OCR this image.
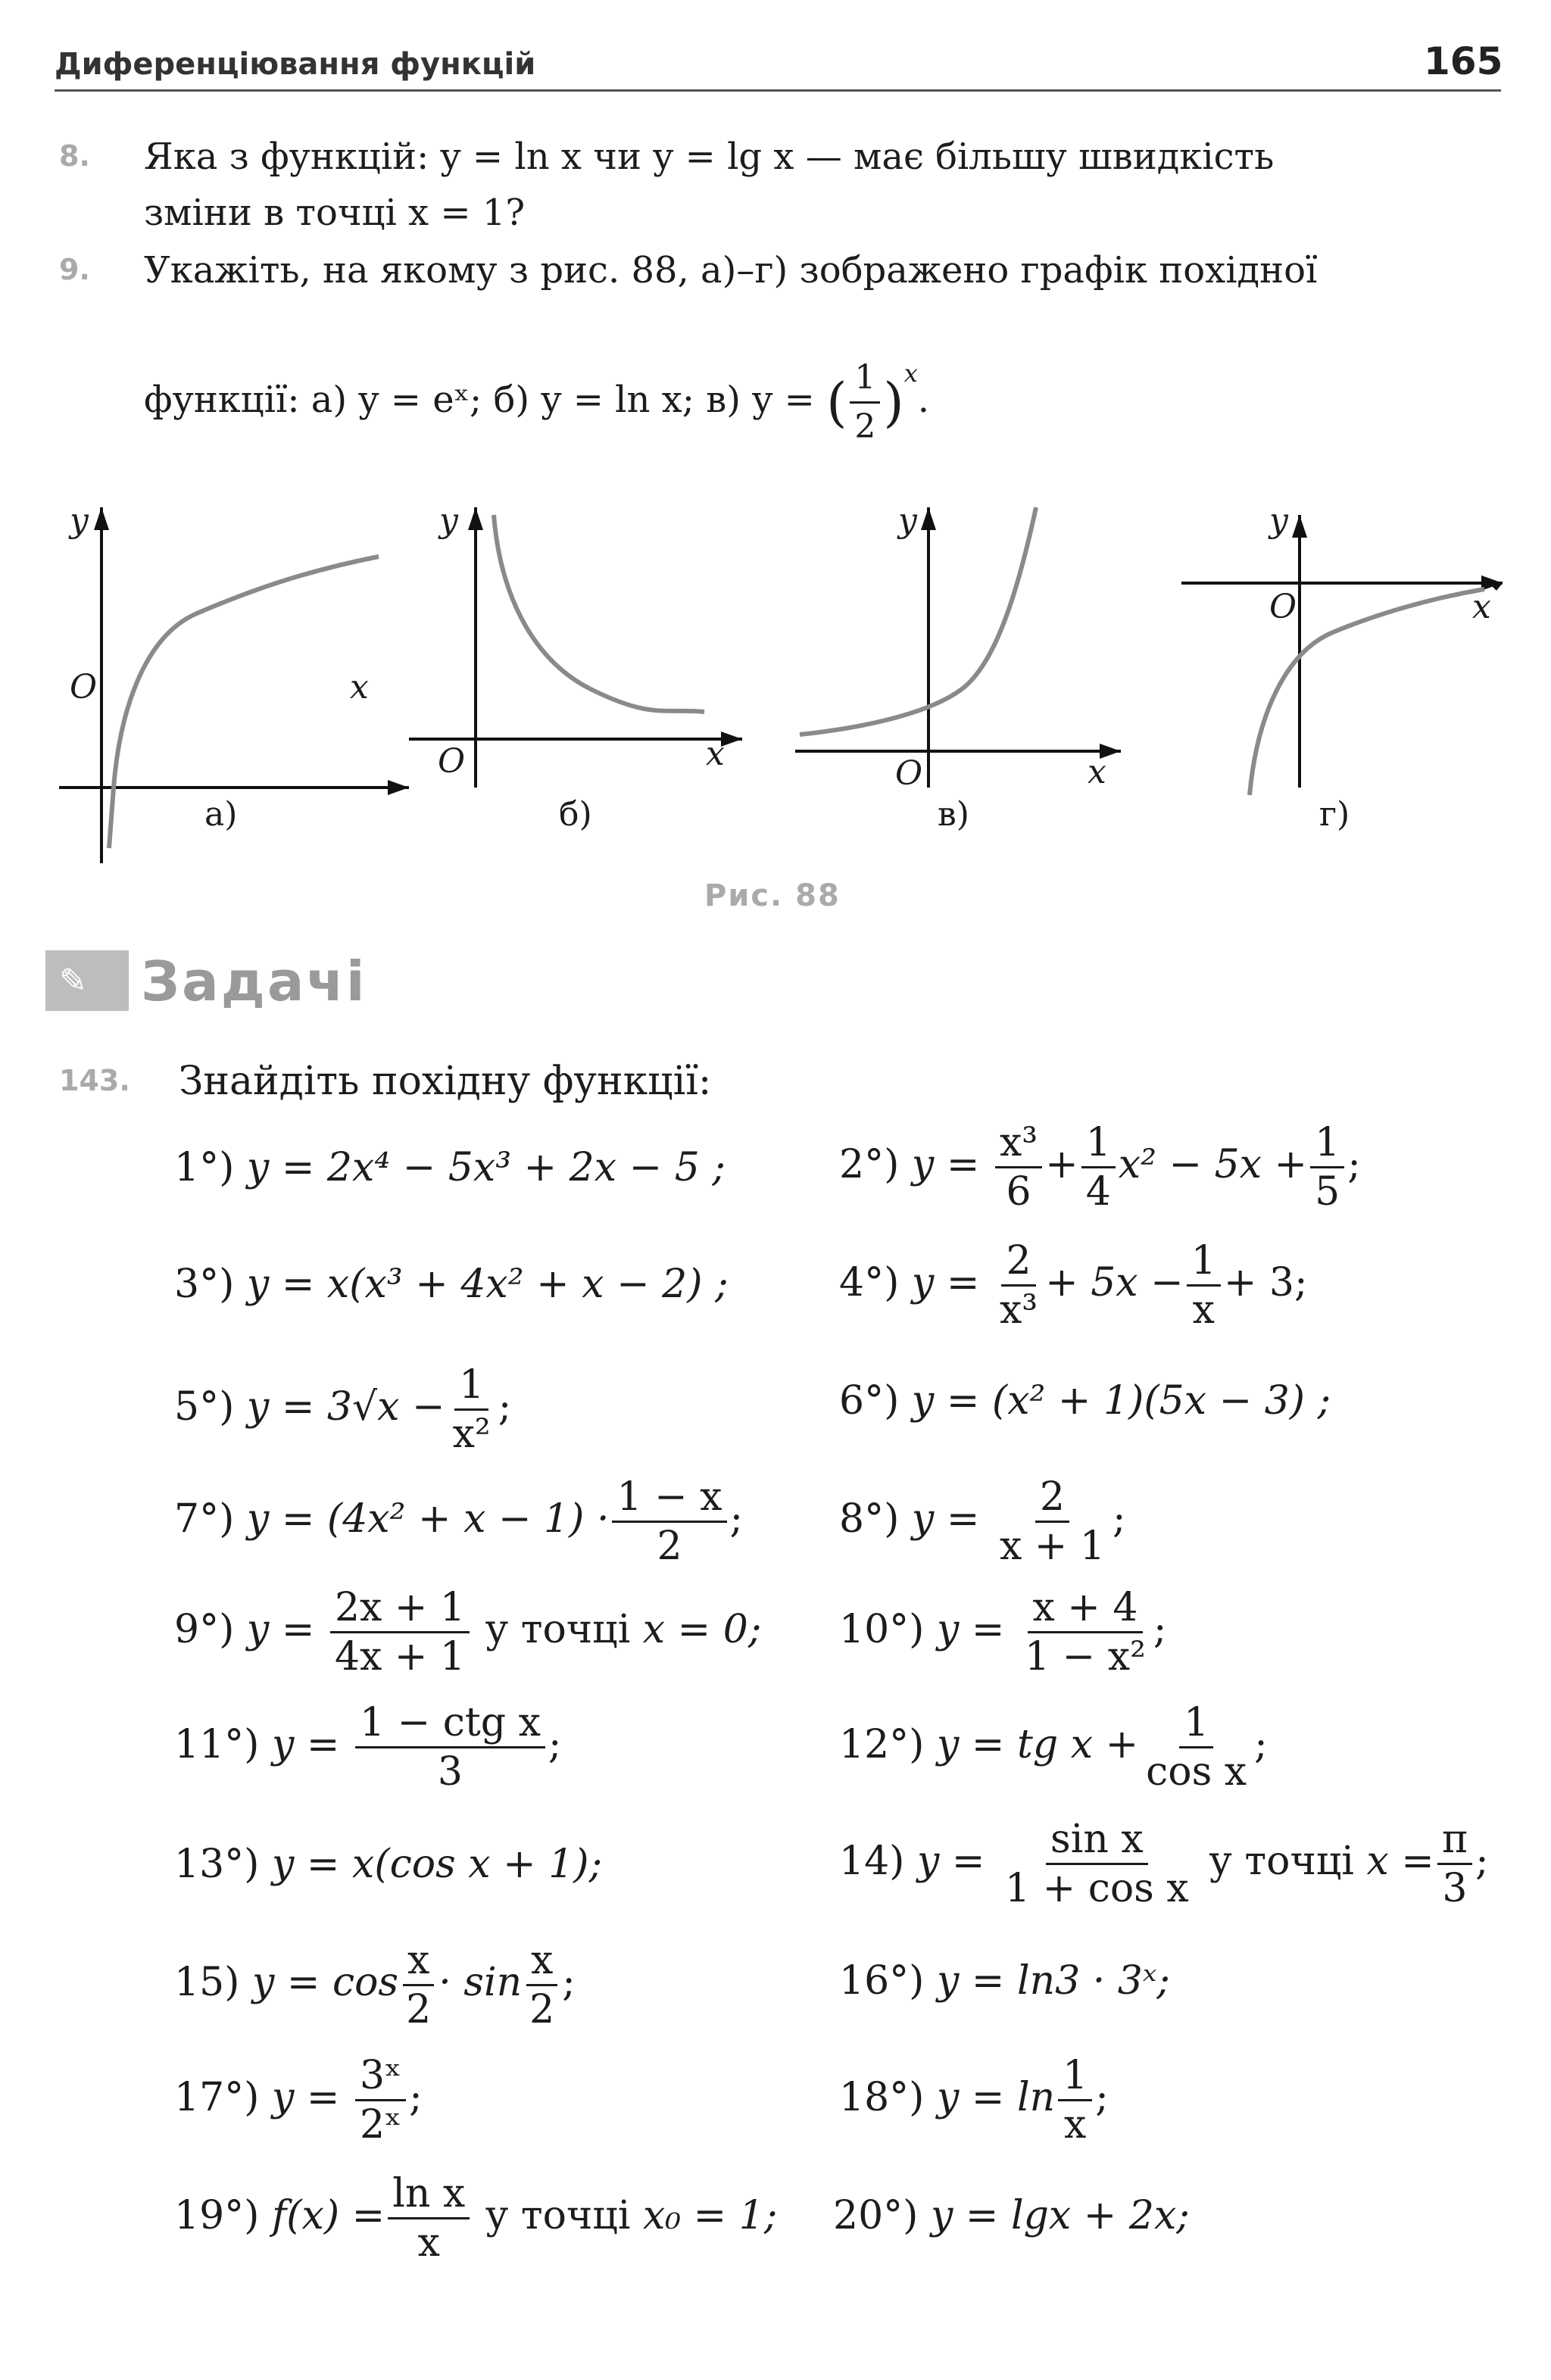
Диференціювання функцій	165
8. Яка з функцій: y = ln x чи y = lg x — має більшу швидкість
зміни в точці x = 1?
9. Укажіть, на якому з рис. 88, а)–г) зображено графік похідної
функції: а) y = eˣ; б) y = ln x; в) y = ( $\frac{1}{2} )^x$.
y
O	x
y
O	x
y
O	x
y
O	x
а)	б)	в)	г)
Рис. 88
✎ Задачі
143. Знайдіть похідну функції:
1°) y = 2x⁴ − 5x³ + 2x − 5 ;	2°) $y = \frac{\text{x³}}{6} + \frac{1}{4} x^2 - 5x + \frac{1}{5}$ ;
3°) y = x(x³ + 4x² + x − 2) ;	4°) $y = \frac{2}{\text{x³}} + 5x - \frac{1}{x} + 3$;
5°) $y = 3√x - \frac{1}{\text{x²}}$ ;	6°) y = (x² + 1)(5x − 3) ;
7°) $y = (4x^2 + x - 1) \cdot \frac{1 - x}{2}$ ; 8°) $y = \frac{2}{x + 1}$ ;
9°) $y = \frac{2x + 1}{4x + 1}$ у точці x = 0; 10°) $y = \frac{x + 4}{\text{1 − x²}}$ ;
11°) $y = \frac{\text{1 − ctg x}}{3}$ ;	12°) y = tg $x + \frac{1}{\text{cos x}}$ ;
13°) y = x(cos x + 1);	14) $y = \frac{\text{sin x}}{\text{1 + cos x}}$ у точці $x = \frac{\pi}{3}$ ;
15) $y = \cos \frac{x}{2} \cdot \sin \frac{x}{2}$ ;	16°) y = ln3 · 3ˣ;
17°) $y = \frac{\text{3ˣ}}{\text{2ˣ}}$ ;	18°) $y = \ln \frac{1}{x}$ ;
19°) $f(x) = \frac{\text{ln x}}{x}$ у точці x₀ = 1; 20°) y = lgx + 2x;
